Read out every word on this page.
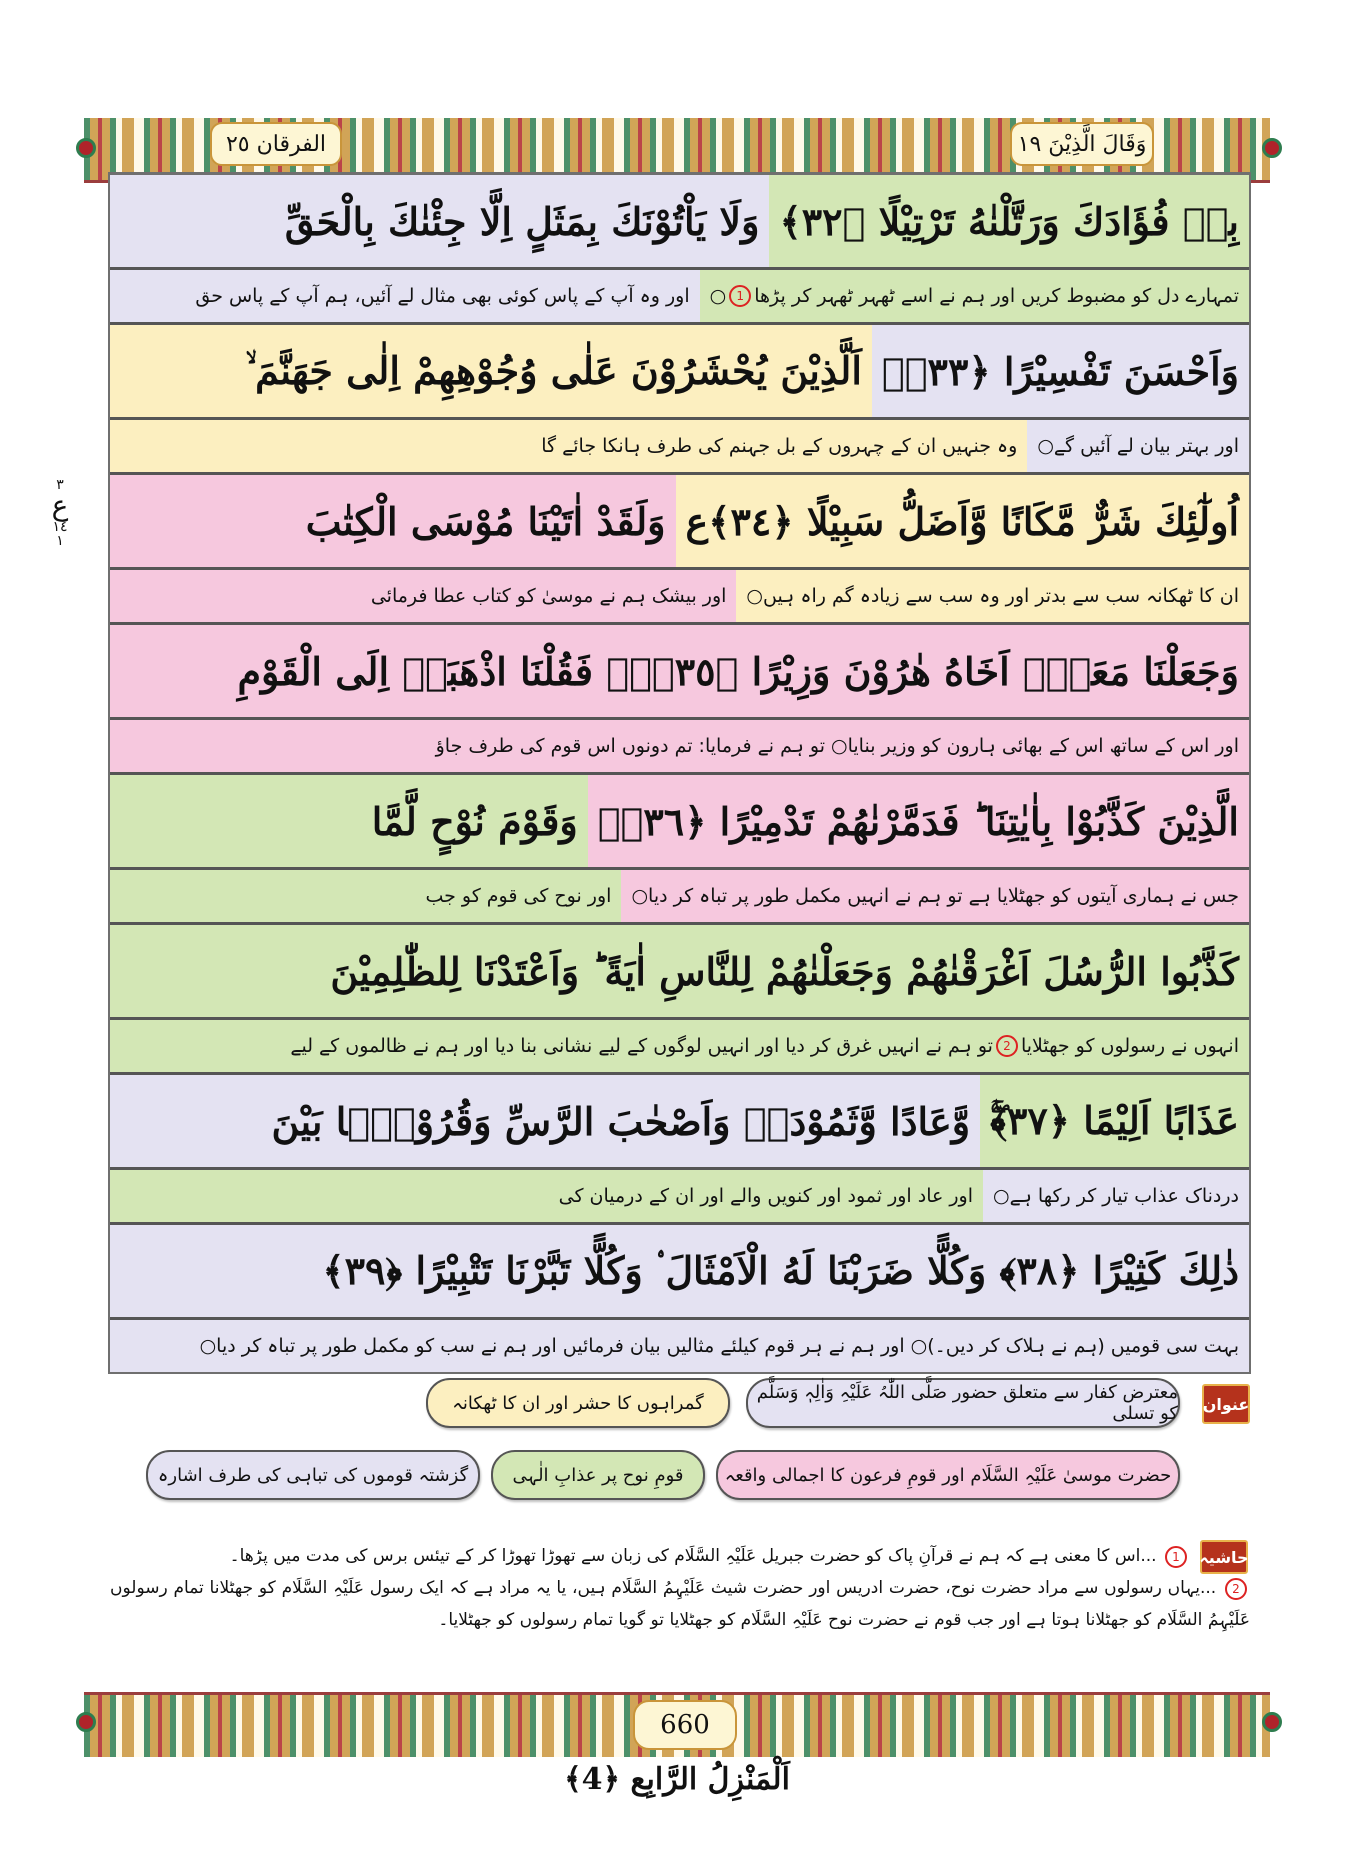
الفرقان ٢٥	وَقَالَ الَّذِيْنَ ١٩
٣
ع
١٤
١
بِهٖ فُؤَادَكَ وَرَتَّلْنٰهُ تَرْتِيْلًا ﴿٣٢﴾
وَلَا يَاْتُوْنَكَ بِمَثَلٍ اِلَّا جِئْنٰكَ بِالْحَقِّ
تمہارے دل کو مضبوط کریں اور ہم نے اسے ٹھہر ٹھہر کر پڑھا
1
○
اور وہ آپ کے پاس کوئی بھی مثال لے آئیں، ہم آپ کے پاس حق
وَاَحْسَنَ تَفْسِيْرًا ﴿٣٣﴾ؕ
اَلَّذِيْنَ يُحْشَرُوْنَ عَلٰى وُجُوْهِهِمْ اِلٰى جَهَنَّمَ ۙ
اور بہتر بیان لے آئیں گے○
وہ جنہیں ان کے چہروں کے بل جہنم کی طرف ہانکا جائے گا
اُولٰٓئِكَ شَرٌّ مَّكَانًا وَّاَضَلُّ سَبِيْلًا ﴿٣٤﴾ع
وَلَقَدْ اٰتَيْنَا مُوْسَى الْكِتٰبَ
ان کا ٹھکانہ سب سے بدتر اور وہ سب سے زیادہ گم راہ ہیں○
اور بیشک ہم نے موسیٰ کو کتاب عطا فرمائی
وَجَعَلْنَا مَعَهٗۤ اَخَاهُ هٰرُوْنَ وَزِيْرًا ﴿٣٥﴾ۚۖ فَقُلْنَا اذْهَبَاۤ اِلَى الْقَوْمِ
اور اس کے ساتھ اس کے بھائی ہارون کو وزیر بنایا○ تو ہم نے فرمایا: تم دونوں اس قوم کی طرف جاؤ
الَّذِيْنَ كَذَّبُوْا بِاٰيٰتِنَا ؕ فَدَمَّرْنٰهُمْ تَدْمِيْرًا ﴿٣٦﴾ؕ
وَقَوْمَ نُوْحٍ لَّمَّا
جس نے ہماری آیتوں کو جھٹلایا ہے تو ہم نے انہیں مکمل طور پر تباہ کر دیا○
اور نوح کی قوم کو جب
كَذَّبُوا الرُّسُلَ اَغْرَقْنٰهُمْ وَجَعَلْنٰهُمْ لِلنَّاسِ اٰيَةً ؕ وَاَعْتَدْنَا لِلظّٰلِمِيْنَ
انہوں نے رسولوں کو جھٹلایا
2
تو ہم نے انہیں غرق کر دیا اور انہیں لوگوں کے لیے نشانی بنا دیا اور ہم نے ظالموں کے لیے
عَذَابًا اَلِيْمًا ﴿٣٧﴾ۚۖ
وَّعَادًا وَّثَمُوْدَاۡ وَاَصْحٰبَ الرَّسِّ وَقُرُوْنًۢا بَيْنَ
دردناک عذاب تیار کر رکھا ہے○
اور عاد اور ثمود اور کنویں والے اور ان کے درمیان کی
ذٰلِكَ كَثِيْرًا ﴿٣٨﴾ وَكُلًّا ضَرَبْنَا لَهُ الْاَمْثَالَ ۟ وَكُلًّا تَبَّرْنَا تَتْبِيْرًا ﴿٣٩﴾
بہت سی قومیں (ہم نے ہلاک کر دیں۔)○ اور ہم نے ہر قوم کیلئے مثالیں بیان فرمائیں اور ہم نے سب کو مکمل طور پر تباہ کر دیا○
عنوان
معترض کفار سے متعلق حضور صَلَّی اللّٰہُ عَلَیْہِ وَاٰلِہٖ وَسَلَّم کو تسلی
گمراہوں کا حشر اور ان کا ٹھکانہ
حضرت موسیٰ عَلَیْہِ السَّلَام اور قومِ فرعون کا اجمالی واقعہ
قومِ نوح پر عذابِ الٰہی
گزشتہ قوموں کی تباہی کی طرف اشارہ
حاشیہ

1 ...اس کا معنی ہے کہ ہم نے قرآنِ پاک کو حضرت جبریل عَلَیْہِ السَّلَام کی زبان سے تھوڑا تھوڑا کر کے تیئس برس کی مدت میں پڑھا۔

2 ...یہاں رسولوں سے مراد حضرت نوح، حضرت ادریس اور حضرت شیث عَلَیْہِمُ السَّلَام ہیں، یا یہ مراد ہے کہ ایک رسول عَلَیْہِ السَّلَام کو جھٹلانا تمام رسولوں عَلَیْہِمُ السَّلَام کو جھٹلانا ہوتا ہے اور جب قوم نے حضرت نوح عَلَیْہِ السَّلَام کو جھٹلایا تو گویا تمام رسولوں کو جھٹلایا۔

660
اَلْمَنْزِلُ الرَّابِع ﴿4﴾
